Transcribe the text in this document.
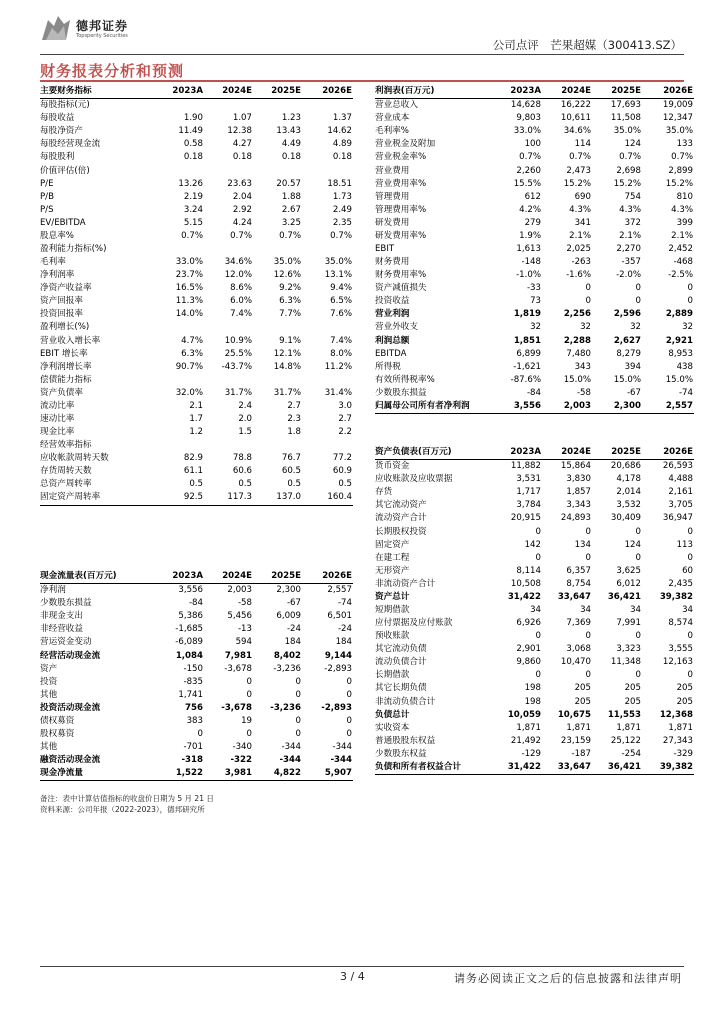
德邦证券
Topsperity Securities
公司点评　芒果超媒（300413.SZ）
财务报表分析和预测
主要财务指标	2023A	2024E	2025E	2026E
每股指标(元)				
每股收益	1.90	1.07	1.23	1.37
每股净资产	11.49	12.38	13.43	14.62
每股经营现金流	0.58	4.27	4.49	4.89
每股股利	0.18	0.18	0.18	0.18
价值评估(倍)				
P/E	13.26	23.63	20.57	18.51
P/B	2.19	2.04	1.88	1.73
P/S	3.24	2.92	2.67	2.49
EV/EBITDA	5.15	4.24	3.25	2.35
股息率%	0.7%	0.7%	0.7%	0.7%
盈利能力指标(%)				
毛利率	33.0%	34.6%	35.0%	35.0%
净利润率	23.7%	12.0%	12.6%	13.1%
净资产收益率	16.5%	8.6%	9.2%	9.4%
资产回报率	11.3%	6.0%	6.3%	6.5%
投资回报率	14.0%	7.4%	7.7%	7.6%
盈利增长(%)				
营业收入增长率	4.7%	10.9%	9.1%	7.4%
EBIT 增长率	6.3%	25.5%	12.1%	8.0%
净利润增长率	90.7%	-43.7%	14.8%	11.2%
偿债能力指标				
资产负债率	32.0%	31.7%	31.7%	31.4%
流动比率	2.1	2.4	2.7	3.0
速动比率	1.7	2.0	2.3	2.7
现金比率	1.2	1.5	1.8	2.2
经营效率指标				
应收帐款周转天数	82.9	78.8	76.7	77.2
存货周转天数	61.1	60.6	60.5	60.9
总资产周转率	0.5	0.5	0.5	0.5
固定资产周转率	92.5	117.3	137.0	160.4
现金流量表(百万元)	2023A	2024E	2025E	2026E
净利润	3,556	2,003	2,300	2,557
少数股东损益	-84	-58	-67	-74
非现金支出	5,386	5,456	6,009	6,501
非经营收益	-1,685	-13	-24	-24
营运资金变动	-6,089	594	184	184
经营活动现金流	1,084	7,981	8,402	9,144
资产	-150	-3,678	-3,236	-2,893
投资	-835	0	0	0
其他	1,741	0	0	0
投资活动现金流	756	-3,678	-3,236	-2,893
债权募资	383	19	0	0
股权募资	0	0	0	0
其他	-701	-340	-344	-344
融资活动现金流	-318	-322	-344	-344
现金净流量	1,522	3,981	4,822	5,907
利润表(百万元)	2023A	2024E	2025E	2026E
营业总收入	14,628	16,222	17,693	19,009
营业成本	9,803	10,611	11,508	12,347
毛利率%	33.0%	34.6%	35.0%	35.0%
营业税金及附加	100	114	124	133
营业税金率%	0.7%	0.7%	0.7%	0.7%
营业费用	2,260	2,473	2,698	2,899
营业费用率%	15.5%	15.2%	15.2%	15.2%
管理费用	612	690	754	810
管理费用率%	4.2%	4.3%	4.3%	4.3%
研发费用	279	341	372	399
研发费用率%	1.9%	2.1%	2.1%	2.1%
EBIT	1,613	2,025	2,270	2,452
财务费用	-148	-263	-357	-468
财务费用率%	-1.0%	-1.6%	-2.0%	-2.5%
资产减值损失	-33	0	0	0
投资收益	73	0	0	0
营业利润	1,819	2,256	2,596	2,889
营业外收支	32	32	32	32
利润总额	1,851	2,288	2,627	2,921
EBITDA	6,899	7,480	8,279	8,953
所得税	-1,621	343	394	438
有效所得税率%	-87.6%	15.0%	15.0%	15.0%
少数股东损益	-84	-58	-67	-74
归属母公司所有者净利润	3,556	2,003	2,300	2,557
资产负债表(百万元)	2023A	2024E	2025E	2026E
货币资金	11,882	15,864	20,686	26,593
应收账款及应收票据	3,531	3,830	4,178	4,488
存货	1,717	1,857	2,014	2,161
其它流动资产	3,784	3,343	3,532	3,705
流动资产合计	20,915	24,893	30,409	36,947
长期股权投资	0	0	0	0
固定资产	142	134	124	113
在建工程	0	0	0	0
无形资产	8,114	6,357	3,625	60
非流动资产合计	10,508	8,754	6,012	2,435
资产总计	31,422	33,647	36,421	39,382
短期借款	34	34	34	34
应付票据及应付账款	6,926	7,369	7,991	8,574
预收账款	0	0	0	0
其它流动负债	2,901	3,068	3,323	3,555
流动负债合计	9,860	10,470	11,348	12,163
长期借款	0	0	0	0
其它长期负债	198	205	205	205
非流动负债合计	198	205	205	205
负债总计	10,059	10,675	11,553	12,368
实收资本	1,871	1,871	1,871	1,871
普通股股东权益	21,492	23,159	25,122	27,343
少数股东权益	-129	-187	-254	-329
负债和所有者权益合计	31,422	33,647	36,421	39,382
备注：表中计算估值指标的收盘价日期为 5 月 21 日
资料来源：公司年报（2022-2023），德邦研究所
3 / 4	请务必阅读正文之后的信息披露和法律声明
